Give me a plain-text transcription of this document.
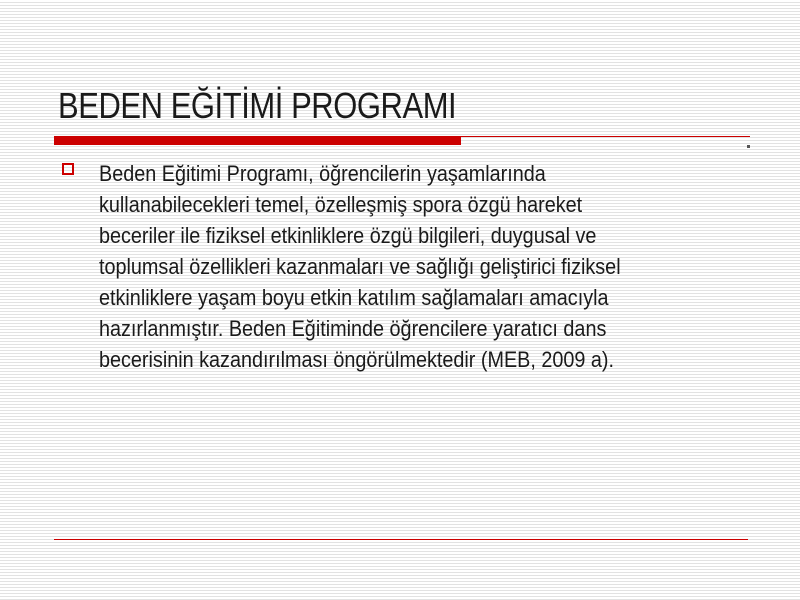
BEDEN EĞİTİMİ PROGRAMI
Beden Eğitimi Programı, öğrencilerin yaşamlarında
kullanabilecekleri temel, özelleşmiş spora özgü hareket
beceriler ile fiziksel etkinliklere özgü bilgileri, duygusal ve
toplumsal özellikleri kazanmaları ve sağlığı geliştirici fiziksel
etkinliklere yaşam boyu etkin katılım sağlamaları amacıyla
hazırlanmıştır. Beden Eğitiminde öğrencilere yaratıcı dans
becerisinin kazandırılması öngörülmektedir (MEB, 2009 a).
